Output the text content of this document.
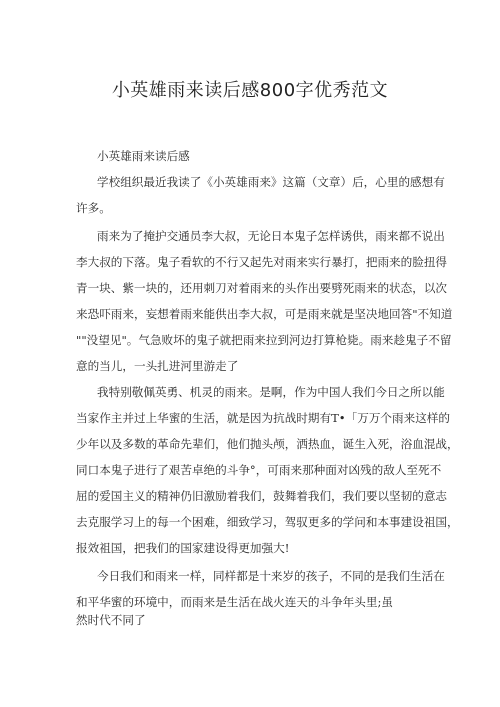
小英雄雨来读后感800字优秀范文
小英雄雨来读后感
学校组织最近我读了《小英雄雨来》这篇（文章）后，心里的感想有
许多。
雨来为了掩护交通员李大叔，无论日本鬼子怎样诱供，雨来都不说出
李大叔的下落。鬼子看软的不行又起先对雨来实行暴打，把雨来的脸扭得
青一块、紫一块的，还用刺刀对着雨来的头作出要劈死雨来的状态，以次
来恐吓雨来，妄想着雨来能供出李大叔，可是雨来就是坚决地回答"不知道
""没望见"。气急败坏的鬼子就把雨来拉到河边打算枪毙。雨来趁鬼子不留
意的当儿，一头扎进河里游走了
我特别敬佩英勇、机灵的雨来。是啊，作为中国人我们今日之所以能
当家作主并过上华蜜的生活，就是因为抗战时期有T•「万万个雨来这样的
少年以及多数的革命先辈们，他们抛头颅，洒热血，诞生入死，浴血混战，
同口本鬼子进行了艰苦卓绝的斗争°，可雨来那种面对凶残的敌人至死不
屈的爱国主义的精神仍旧激励着我们，鼓舞着我们，我们要以坚韧的意志
去克服学习上的每一个困难，细致学习，驾驭更多的学问和本事建设祖国，
报效祖国，把我们的国家建设得更加强大!
今日我们和雨来一样，同样都是十来岁的孩子，不同的是我们生活在
和平华蜜的环境中，而雨来是生活在战火连天的斗争年头里;虽
然时代不同了
